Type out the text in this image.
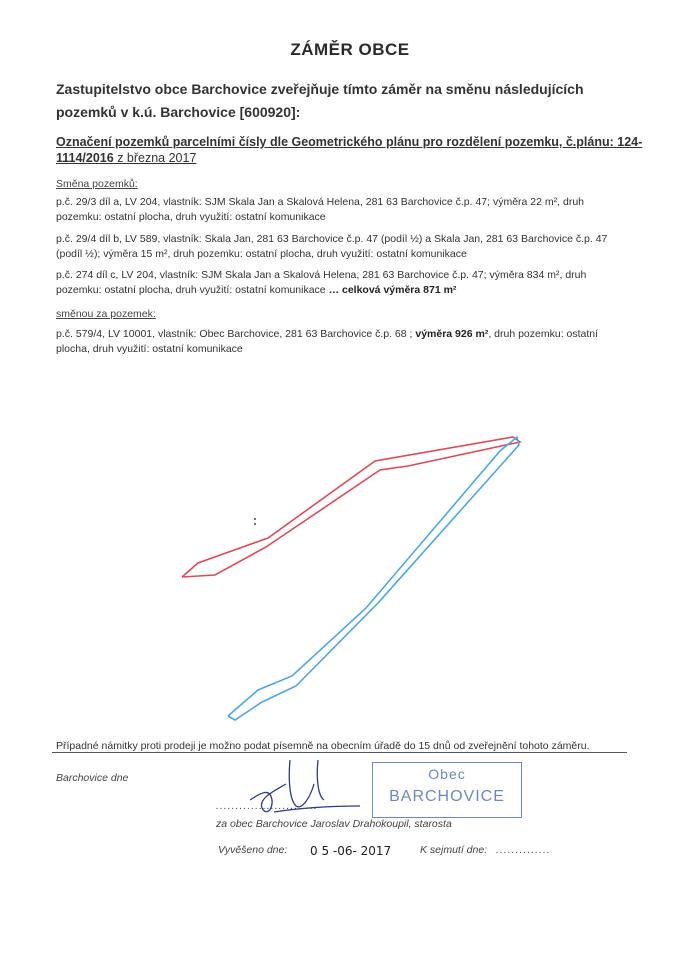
ZÁMĚR OBCE
Zastupitelstvo obce Barchovice zveřejňuje tímto záměr na směnu následujících pozemků v k.ú. Barchovice [600920]:
Označení pozemků parcelními čísly dle Geometrického plánu pro rozdělení pozemku, č.plánu: 124-1114/2016 z března 2017
Směna pozemků:
p.č. 29/3 díl a, LV 204, vlastník: SJM Skala Jan a Skalová Helena, 281 63 Barchovice č.p. 47; výměra 22 m², druh pozemku: ostatní plocha, druh využití: ostatní komunikace
p.č. 29/4 díl b, LV 589, vlastník: Skala Jan, 281 63 Barchovice č.p. 47 (podíl ½) a Skala Jan, 281 63 Barchovice č.p. 47 (podíl ½); výměra 15 m², druh pozemku: ostatní plocha, druh využití: ostatní komunikace
p.č. 274 díl c, LV 204, vlastník: SJM Skala Jan a Skalová Helena, 281 63 Barchovice č.p. 47; výměra 834 m², druh pozemku: ostatní plocha, druh využití: ostatní komunikace … celková výměra 871 m²
směnou za pozemek:
p.č. 579/4, LV 10001, vlastník: Obec Barchovice, 281 63 Barchovice č.p. 68 ; výměra 926 m², druh pozemku: ostatní plocha, druh využití: ostatní komunikace
Případné námitky proti prodeji je možno podat písemně na obecním úřadě do 15 dnů od zveřejnění tohoto záměru.
Barchovice dne
..........................
za obec Barchovice Jaroslav Drahokoupil, starosta
Obec
BARCHOVICE
Vyvěšeno dne: 0 5 -06- 2017	K sejmutí dne: ..............
